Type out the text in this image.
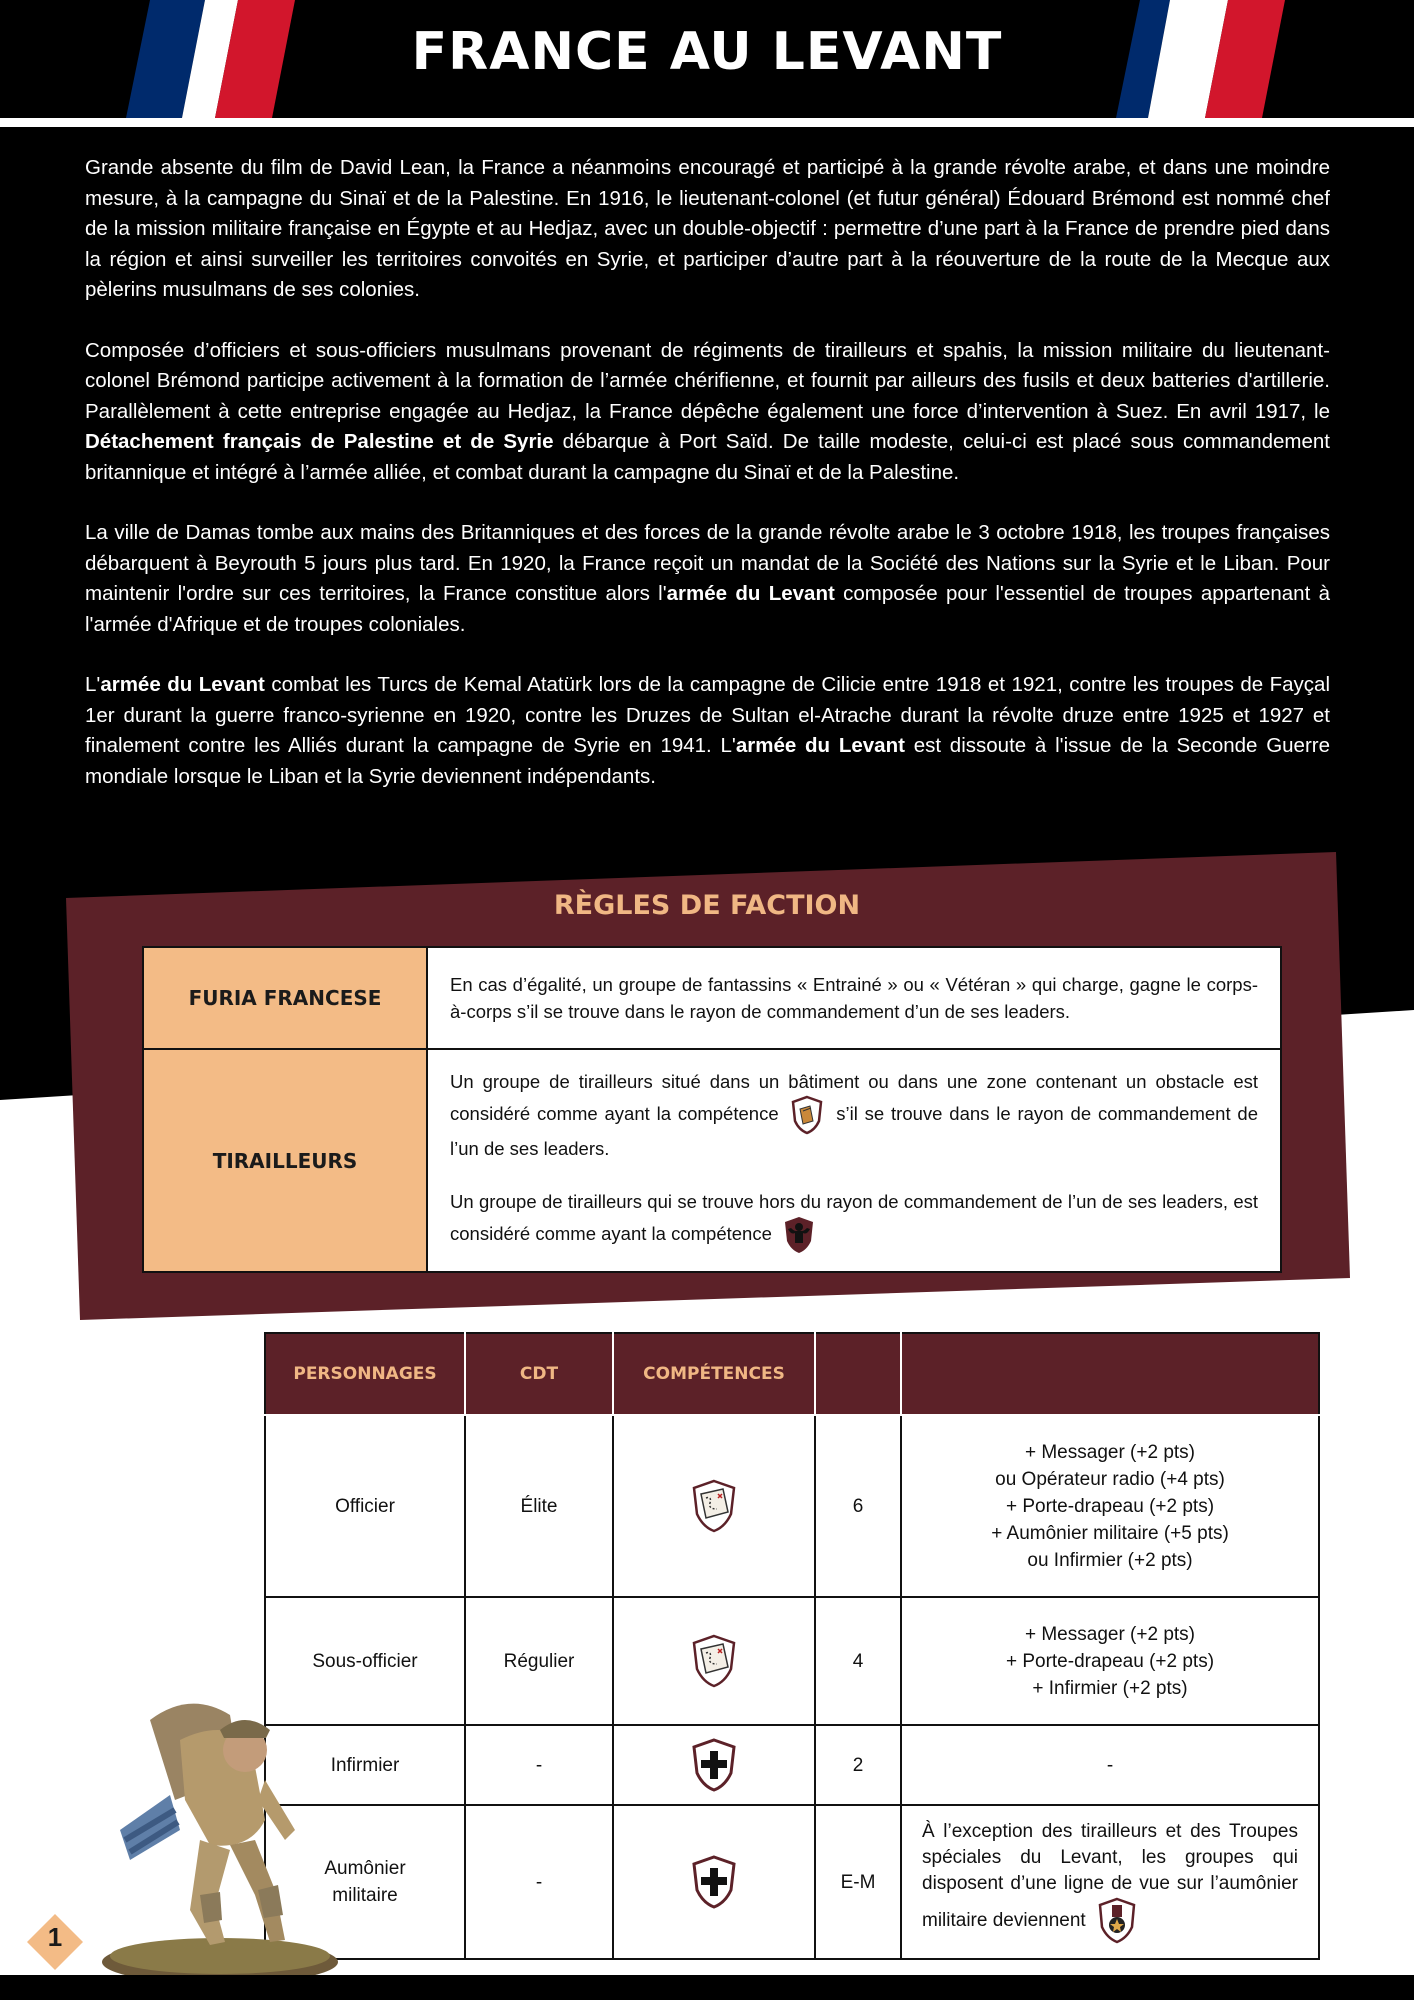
FRANCE AU LEVANT

Grande absente du film de David Lean, la France a néanmoins encouragé et participé à la grande révolte arabe, et dans une moindre mesure, à la campagne du Sinaï et de la Palestine. En 1916, le lieutenant-colonel (et futur général) Édouard Brémond est nommé chef de la mission militaire française en Égypte et au Hedjaz, avec un double-objectif : permettre d’une part à la France de prendre pied dans la région et ainsi surveiller les territoires convoités en Syrie, et participer d’autre part à la réouverture de la route de la Mecque aux pèlerins musulmans de ses colonies.

Composée d’officiers et sous-officiers musulmans provenant de régiments de tirailleurs et spahis, la mission militaire du lieutenant-colonel Brémond participe activement à la formation de l’armée chérifienne, et fournit par ailleurs des fusils et deux batteries d'artillerie. Parallèlement à cette entreprise engagée au Hedjaz, la France dépêche également une force d’intervention à Suez. En avril 1917, le Détachement français de Palestine et de Syrie débarque à Port Saïd. De taille modeste, celui-ci est placé sous commandement britannique et intégré à l’armée alliée, et combat durant la campagne du Sinaï et de la Palestine.

La ville de Damas tombe aux mains des Britanniques et des forces de la grande révolte arabe le 3 octobre 1918, les troupes françaises débarquent à Beyrouth 5 jours plus tard. En 1920, la France reçoit un mandat de la Société des Nations sur la Syrie et le Liban. Pour maintenir l'ordre sur ces territoires, la France constitue alors l'armée du Levant composée pour l'essentiel de troupes appartenant à l'armée d'Afrique et de troupes coloniales.

L'armée du Levant combat les Turcs de Kemal Atatürk lors de la campagne de Cilicie entre 1918 et 1921, contre les troupes de Fayçal 1er durant la guerre franco-syrienne en 1920, contre les Druzes de Sultan el-Atrache durant la révolte druze entre 1925 et 1927 et finalement contre les Alliés durant la campagne de Syrie en 1941. L'armée du Levant est dissoute à l'issue de la Seconde Guerre mondiale lorsque le Liban et la Syrie deviennent indépendants.

RÈGLES DE FACTION
FURIA FRANCESE	En cas d’égalité, un groupe de fantassins « Entrainé » ou « Vétéran » qui charge, gagne le corps-à-corps s’il se trouve dans le rayon de commandement d’un de ses leaders.

TIRAILLEURS	Un groupe de tirailleurs situé dans un bâtiment ou dans une zone contenant un obstacle est considéré comme ayant la compétence s’il se trouve dans le rayon de commandement de l’un de ses leaders.

Un groupe de tirailleurs qui se trouve hors du rayon de commandement de l’un de ses leaders, est considéré comme ayant la compétence

PERSONNAGES	CDT	COMPÉTENCES		
Officier	Élite		6	+ Messager (+2 pts)
ou Opérateur radio (+4 pts)
+ Porte-drapeau (+2 pts)
+ Aumônier militaire (+5 pts)
ou Infirmier (+2 pts)

Sous-officier	Régulier		4	+ Messager (+2 pts)
+ Porte-drapeau (+2 pts)
+ Infirmier (+2 pts)

Infirmier	-		2	-
Aumônier militaire	-		E-M	À l’exception des tirailleurs et des Troupes spéciales du Levant, les groupes qui disposent d’une ligne de vue sur l’aumônier militaire deviennent
1
